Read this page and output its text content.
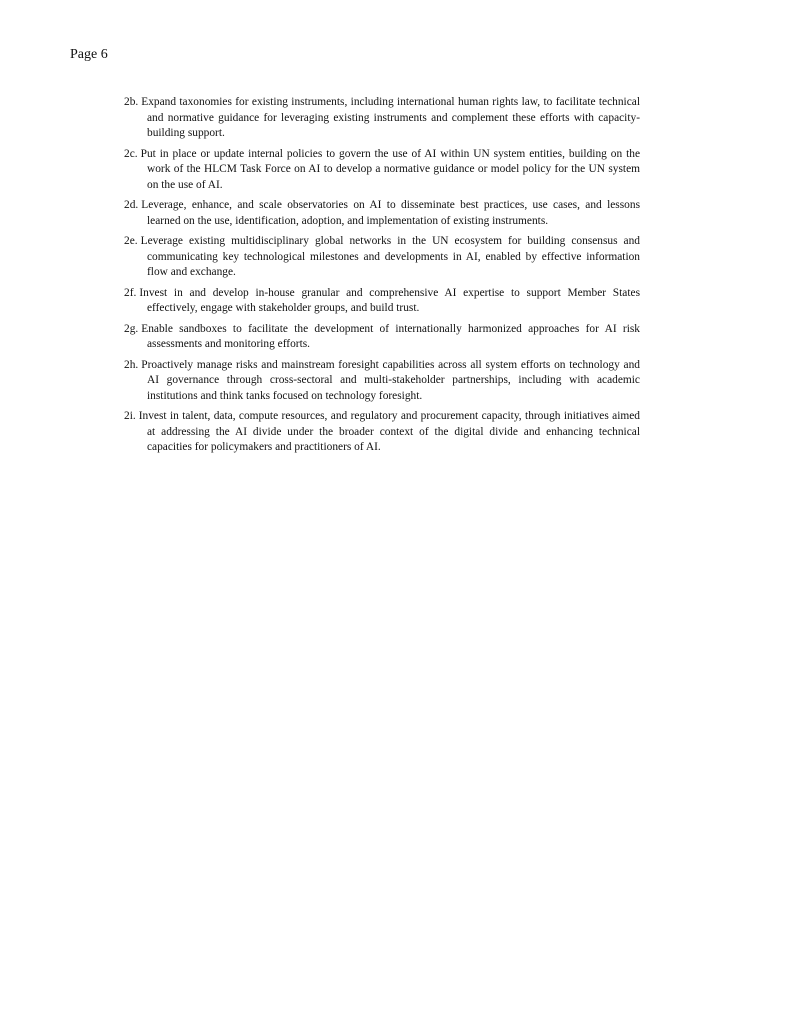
Page 6
2b. Expand taxonomies for existing instruments, including international human rights law, to facilitate technical and normative guidance for leveraging existing instruments and complement these efforts with capacity-building support.
2c. Put in place or update internal policies to govern the use of AI within UN system entities, building on the work of the HLCM Task Force on AI to develop a normative guidance or model policy for the UN system on the use of AI.
2d. Leverage, enhance, and scale observatories on AI to disseminate best practices, use cases, and lessons learned on the use, identification, adoption, and implementation of existing instruments.
2e. Leverage existing multidisciplinary global networks in the UN ecosystem for building consensus and communicating key technological milestones and developments in AI, enabled by effective information flow and exchange.
2f. Invest in and develop in-house granular and comprehensive AI expertise to support Member States effectively, engage with stakeholder groups, and build trust.
2g. Enable sandboxes to facilitate the development of internationally harmonized approaches for AI risk assessments and monitoring efforts.
2h. Proactively manage risks and mainstream foresight capabilities across all system efforts on technology and AI governance through cross-sectoral and multi-stakeholder partnerships, including with academic institutions and think tanks focused on technology foresight.
2i. Invest in talent, data, compute resources, and regulatory and procurement capacity, through initiatives aimed at addressing the AI divide under the broader context of the digital divide and enhancing technical capacities for policymakers and practitioners of AI.
